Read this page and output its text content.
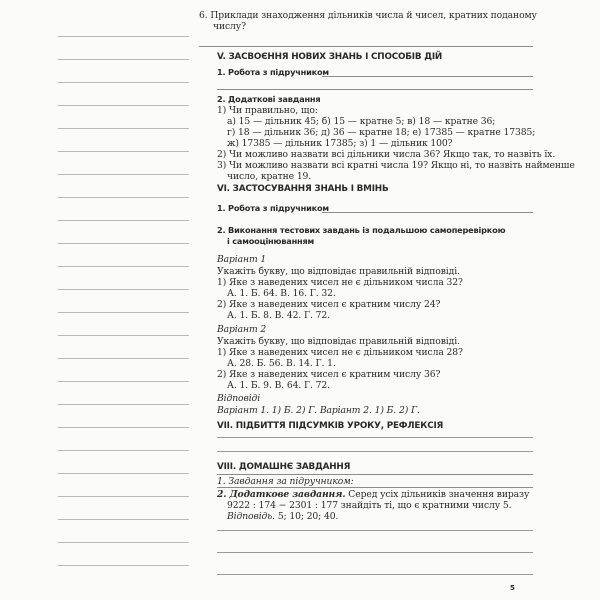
6. Приклади знаходження дільників числа й чисел, кратних поданому
числу?
V. ЗАСВОЄННЯ НОВИХ ЗНАНЬ І СПОСОБІВ ДІЙ
1. Робота з підручником
2. Додаткові завдання
1) Чи правильно, що:
а) 15 — дільник 45; б) 15 — кратне 5; в) 18 — кратне 36;
г) 18 — дільник 36; д) 36 — кратне 18; е) 17385 — кратне 17385;
ж) 17385 — дільник 17385; з) 1 — дільник 100?
2) Чи можливо назвати всі дільники числа 36? Якщо так, то назвіть їх.
3) Чи можливо назвати всі кратні числа 19? Якщо ні, то назвіть найменше
число, кратне 19.
VI. ЗАСТОСУВАННЯ ЗНАНЬ І ВМІНЬ
1. Робота з підручником
2. Виконання тестових завдань із подальшою самоперевіркою
і самооцінюванням
Варіант 1
Укажіть букву, що відповідає правильній відповіді.
1) Яке з наведених чисел не є дільником числа 32?
А. 1. Б. 64. В. 16. Г. 32.
2) Яке з наведених чисел є кратним числу 24?
А. 1. Б. 8. В. 42. Г. 72.
Варіант 2
Укажіть букву, що відповідає правильній відповіді.
1) Яке з наведених чисел не є дільником числа 28?
А. 28. Б. 56. В. 14. Г. 1.
2) Яке з наведених чисел є кратним числу 36?
А. 1. Б. 9. В. 64. Г. 72.
Відповіді
Варіант 1. 1) Б. 2) Г. Варіант 2. 1) Б. 2) Г.
VII. ПІДБИТТЯ ПІДСУМКІВ УРОКУ, РЕФЛЕКСІЯ
VIII. ДОМАШНЄ ЗАВДАННЯ
1. Завдання за підручником:
2. Додаткове завдання. Серед усіх дільників значення виразу
9222 : 174 − 2301 : 177 знайдіть ті, що є кратними числу 5.
Відповідь. 5; 10; 20; 40.
5
